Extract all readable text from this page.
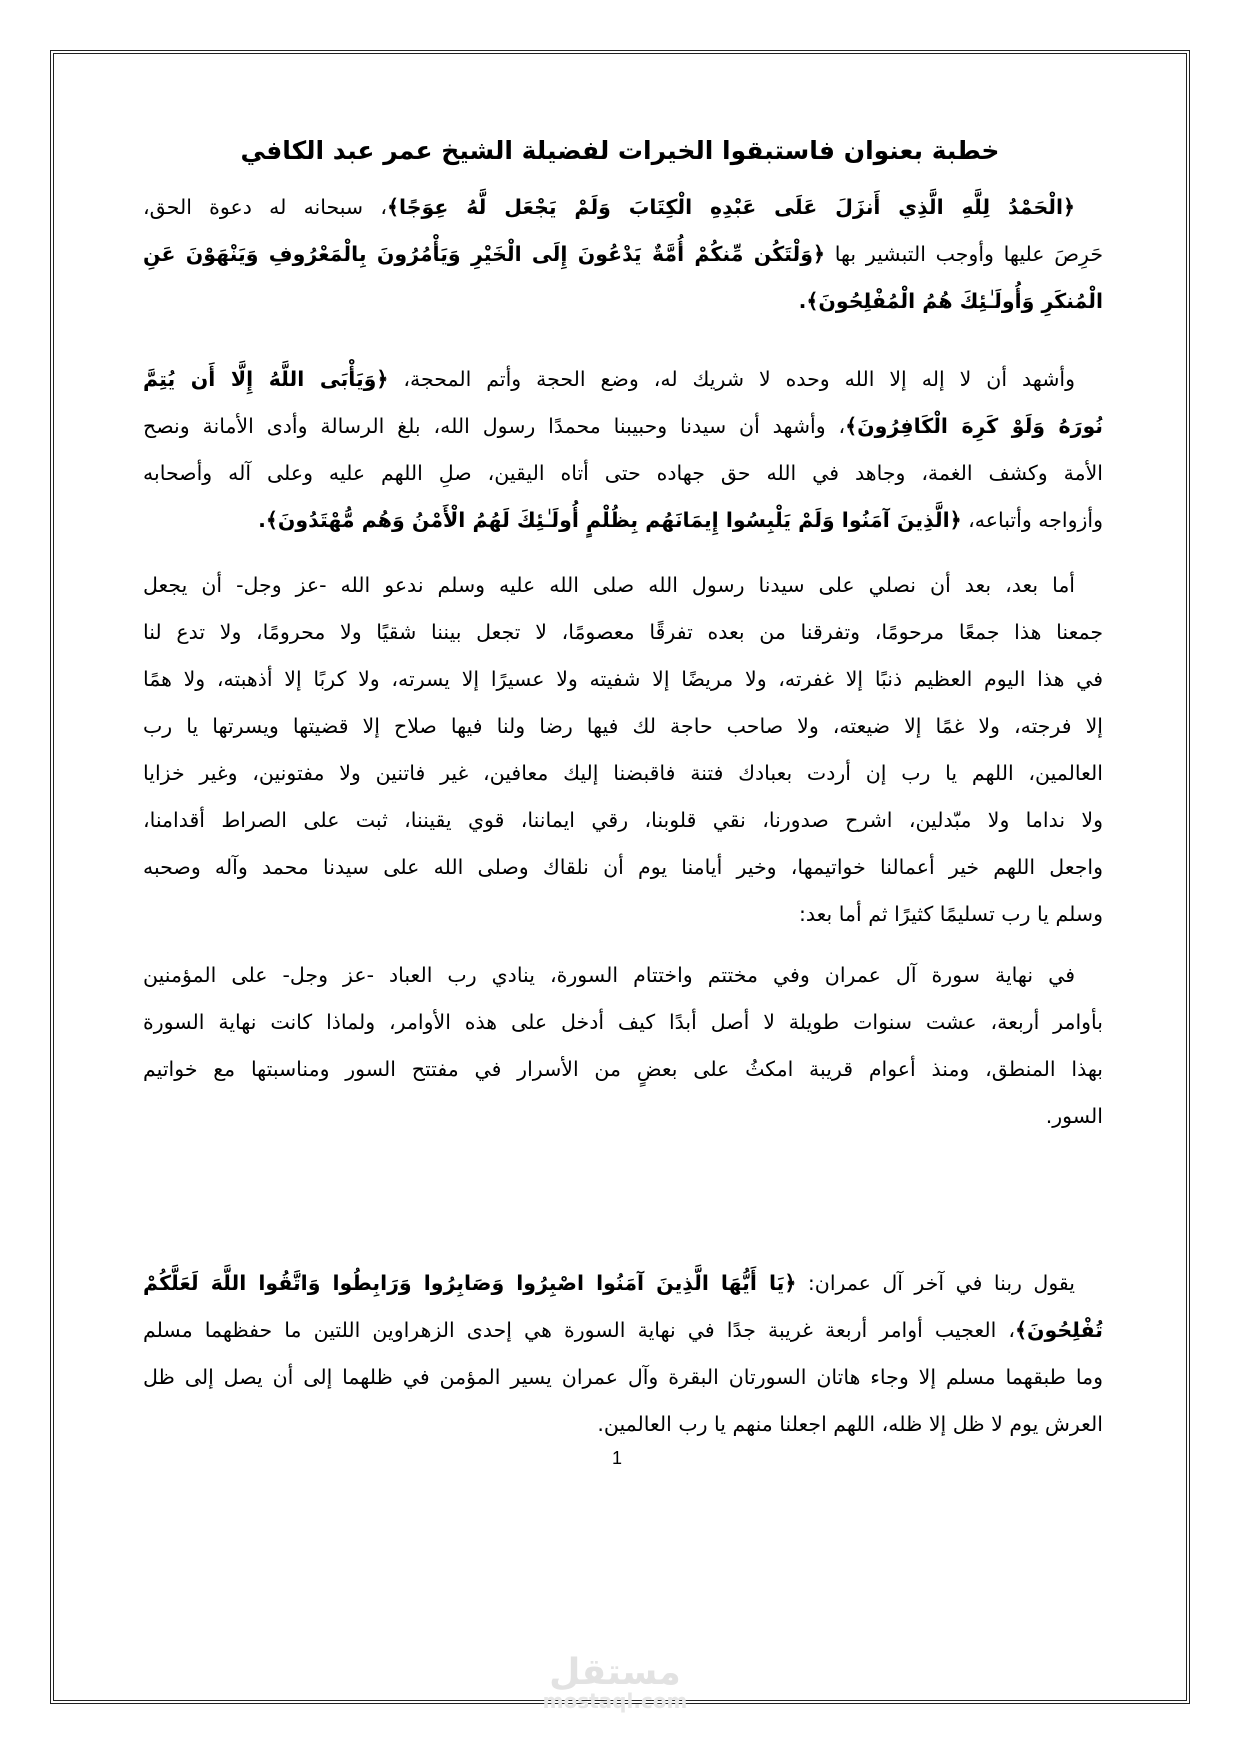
خطبة بعنوان فاستبقوا الخيرات لفضيلة الشيخ عمر عبد الكافي
﴿الْحَمْدُ لِلَّهِ الَّذِي أَنزَلَ عَلَى عَبْدِهِ الْكِتَابَ وَلَمْ يَجْعَل لَّهُ عِوَجًا﴾، سبحانه له دعوة الحق،
حَرِصَ عليها وأوجب التبشير بها ﴿وَلْتَكُن مِّنكُمْ أُمَّةٌ يَدْعُونَ إِلَى الْخَيْرِ وَيَأْمُرُونَ بِالْمَعْرُوفِ وَيَنْهَوْنَ عَنِ
الْمُنكَرِ وَأُولَـٰئِكَ هُمُ الْمُفْلِحُونَ﴾.
وأشهد أن لا إله إلا الله وحده لا شريك له، وضع الحجة وأتم المحجة، ﴿وَيَأْبَى اللَّهُ إِلَّا أَن يُتِمَّ
نُورَهُ وَلَوْ كَرِهَ الْكَافِرُونَ﴾، وأشهد أن سيدنا وحبيبنا محمدًا رسول الله، بلغ الرسالة وأدى الأمانة ونصح
الأمة وكشف الغمة، وجاهد في الله حق جهاده حتى أتاه اليقين، صلِ اللهم عليه وعلى آله وأصحابه
وأزواجه وأتباعه، ﴿الَّذِينَ آمَنُوا وَلَمْ يَلْبِسُوا إِيمَانَهُم بِظُلْمٍ أُولَـٰئِكَ لَهُمُ الْأَمْنُ وَهُم مُّهْتَدُونَ﴾.
أما بعد، بعد أن نصلي على سيدنا رسول الله صلى الله عليه وسلم ندعو الله -عز وجل- أن يجعل
جمعنا هذا جمعًا مرحومًا، وتفرقنا من بعده تفرقًا معصومًا، لا تجعل بيننا شقيًا ولا محرومًا، ولا تدع لنا
في هذا اليوم العظيم ذنبًا إلا غفرته، ولا مريضًا إلا شفيته ولا عسيرًا إلا يسرته، ولا كربًا إلا أذهبته، ولا همًا
إلا فرجته، ولا غمًا إلا ضيعته، ولا صاحب حاجة لك فيها رضا ولنا فيها صلاح إلا قضيتها ويسرتها يا رب
العالمين، اللهم يا رب إن أردت بعبادك فتنة فاقبضنا إليك معافين، غير فاتنين ولا مفتونين، وغير خزايا
ولا نداما ولا مبّدلين، اشرح صدورنا، نقي قلوبنا، رقي ايماننا، قوي يقيننا، ثبت على الصراط أقدامنا،
واجعل اللهم خير أعمالنا خواتيمها، وخير أيامنا يوم أن نلقاك وصلى الله على سيدنا محمد وآله وصحبه
وسلم يا رب تسليمًا كثيرًا ثم أما بعد:
في نهاية سورة آل عمران وفي مختتم واختتام السورة، ينادي رب العباد -عز وجل- على المؤمنين
بأوامر أربعة، عشت سنوات طويلة لا أصل أبدًا كيف أدخل على هذه الأوامر، ولماذا كانت نهاية السورة
بهذا المنطق، ومنذ أعوام قريبة امكثُ على بعضٍ من الأسرار في مفتتح السور ومناسبتها مع خواتيم
السور.
يقول ربنا في آخر آل عمران: ﴿يَا أَيُّهَا الَّذِينَ آمَنُوا اصْبِرُوا وَصَابِرُوا وَرَابِطُوا وَاتَّقُوا اللَّهَ لَعَلَّكُمْ
تُفْلِحُونَ﴾، العجيب أوامر أربعة غريبة جدًا في نهاية السورة هي إحدى الزهراوين اللتين ما حفظهما مسلم
وما طبقهما مسلم إلا وجاء هاتان السورتان البقرة وآل عمران يسير المؤمن في ظلهما إلى أن يصل إلى ظل
العرش يوم لا ظل إلا ظله، اللهم اجعلنا منهم يا رب العالمين.
1
مستقل
mostaql.com
